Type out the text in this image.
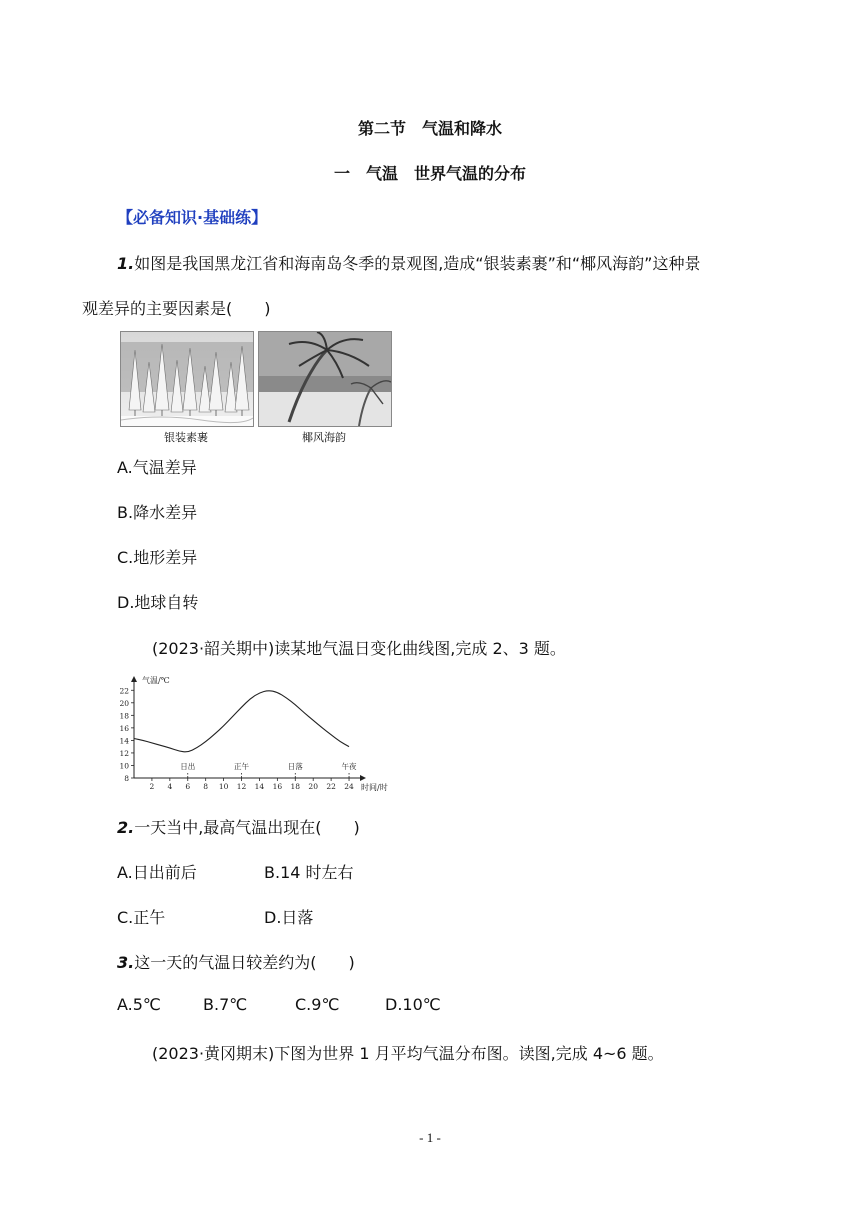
第二节　气温和降水
一　气温　世界气温的分布
【必备知识·基础练】
1.如图是我国黑龙江省和海南岛冬季的景观图,造成“银装素裹”和“椰风海韵”这种景
观差异的主要因素是(　　)
银装素裹	椰风海韵
A.气温差异
B.降水差异
C.地形差异
D.地球自转
(2023·韶关期中)读某地气温日变化曲线图,完成 2、3 题。
8
10
12
14
16
18
20
22
2 4 6 8 10 12 14 16 18 20 22 24
日出	正午	日落	午夜
气温/℃
时间/时
2.一天当中,最高气温出现在(　　)
A.日出前后	B.14 时左右
C.正午	D.日落
3.这一天的气温日较差约为(　　)
A.5℃	B.7℃	C.9℃	D.10℃
(2023·黄冈期末)下图为世界 1 月平均气温分布图。读图,完成 4~6 题。
- 1 -
